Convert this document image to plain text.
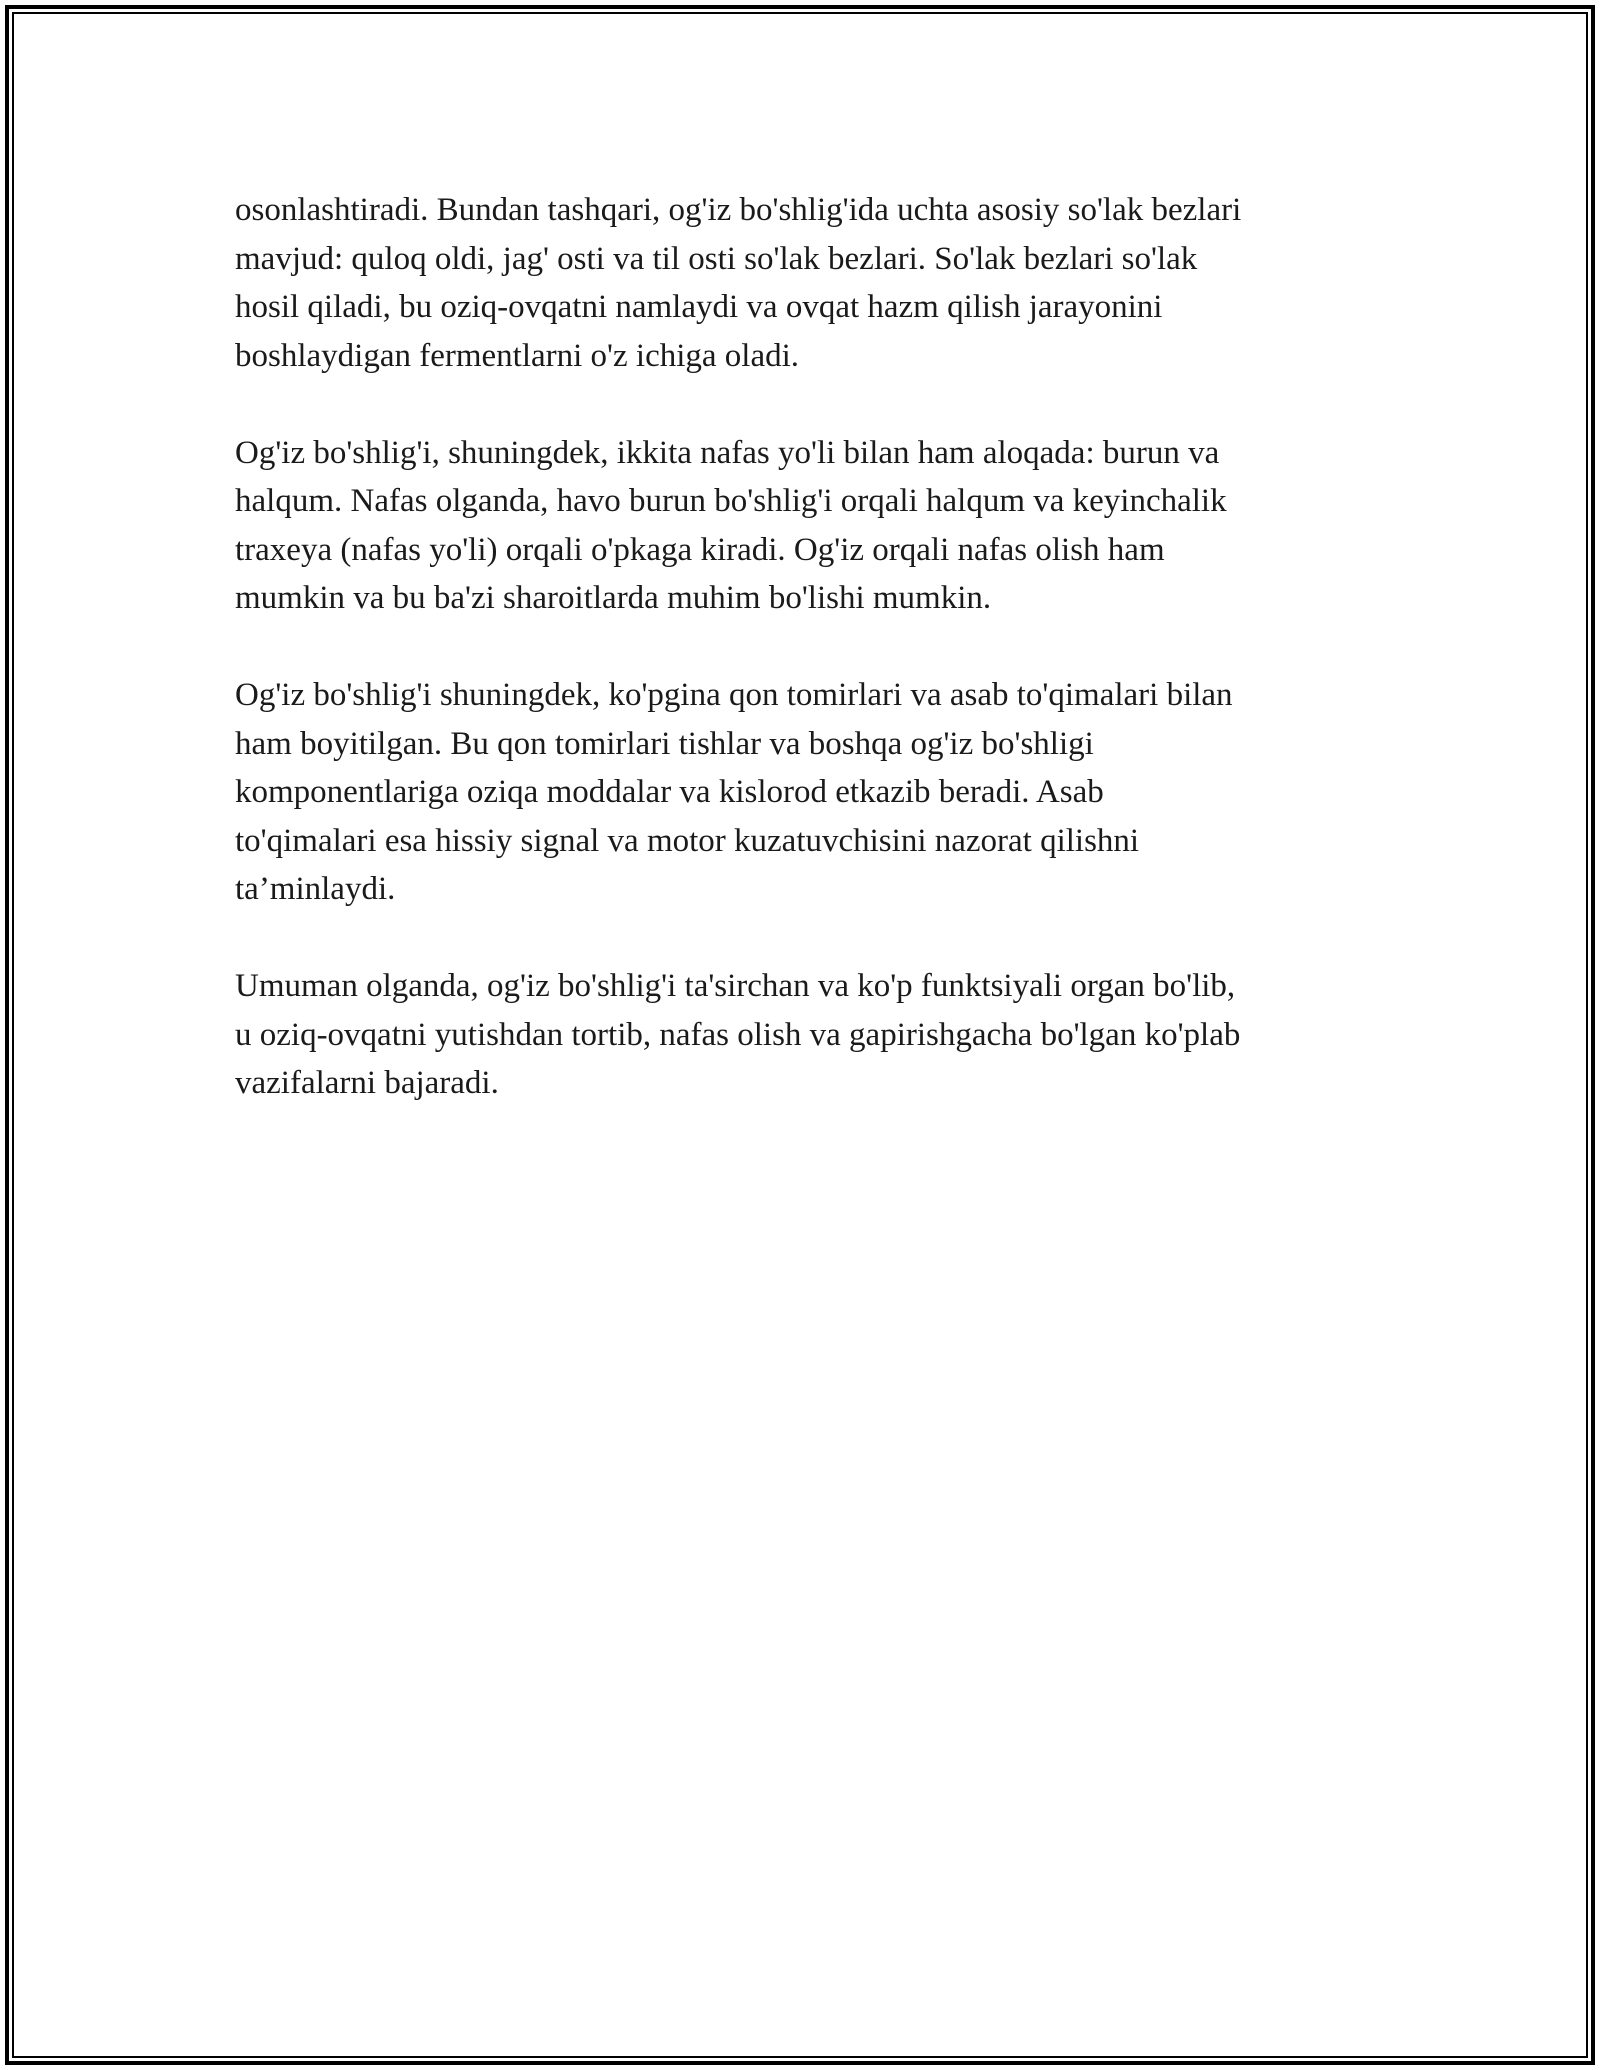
osonlashtiradi. Bundan tashqari, og'iz bo'shlig'ida uchta asosiy so'lak bezlari
mavjud: quloq oldi, jag' osti va til osti so'lak bezlari. So'lak bezlari so'lak
hosil qiladi, bu oziq-ovqatni namlaydi va ovqat hazm qilish jarayonini
boshlaydigan fermentlarni o'z ichiga oladi.

Og'iz bo'shlig'i, shuningdek, ikkita nafas yo'li bilan ham aloqada: burun va
halqum. Nafas olganda, havo burun bo'shlig'i orqali halqum va keyinchalik
traxeya (nafas yo'li) orqali o'pkaga kiradi. Og'iz orqali nafas olish ham
mumkin va bu ba'zi sharoitlarda muhim bo'lishi mumkin.

Og'iz bo'shlig'i shuningdek, ko'pgina qon tomirlari va asab to'qimalari bilan
ham boyitilgan. Bu qon tomirlari tishlar va boshqa og'iz bo'shligi
komponentlariga oziqa moddalar va kislorod etkazib beradi. Asab
to'qimalari esa hissiy signal va motor kuzatuvchisini nazorat qilishni
ta’minlaydi.

Umuman olganda, og'iz bo'shlig'i ta'sirchan va ko'p funktsiyali organ bo'lib,
u oziq-ovqatni yutishdan tortib, nafas olish va gapirishgacha bo'lgan ko'plab
vazifalarni bajaradi.
